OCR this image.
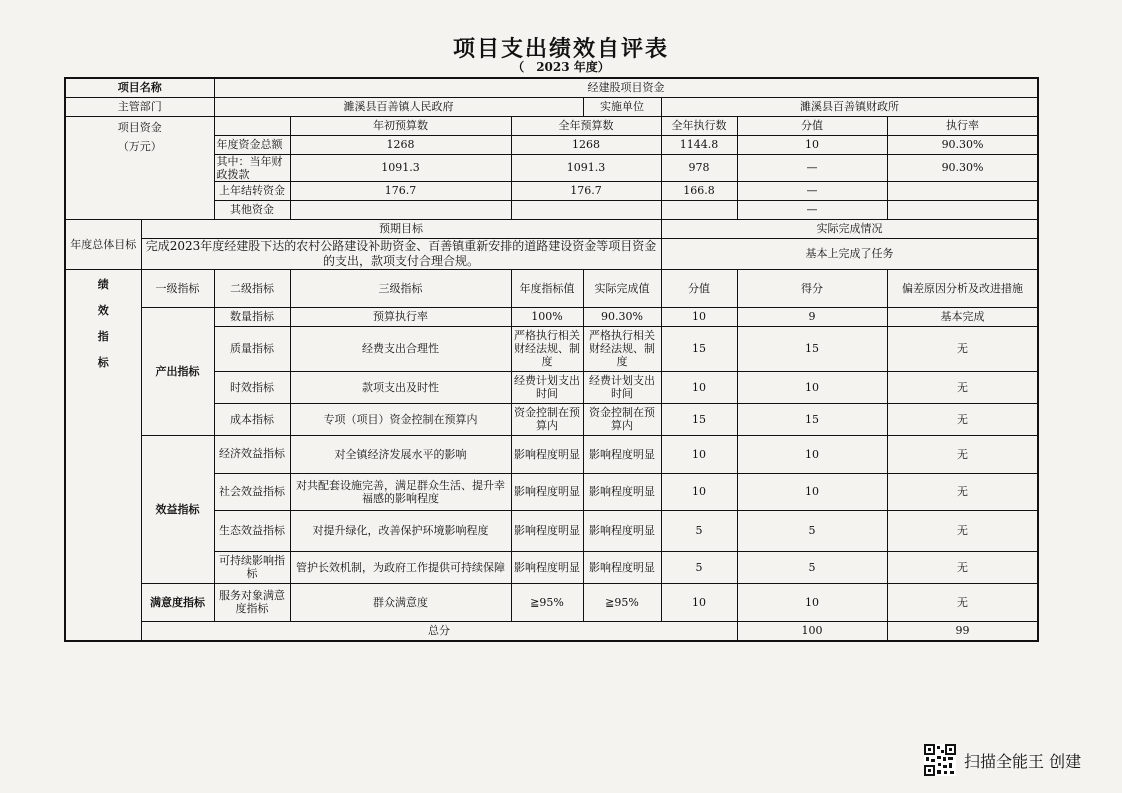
项目支出绩效自评表
（　2023 年度）
项目名称		经建股项目资金							
主管部门		濉溪县百善镇人民政府			实施单位	濉溪县百善镇财政所			

项目资金
（万元）			年初预算数	全年预算数		全年执行数	分值	执行率	
		年度资金总额	1268	1268		1144.8	10	90.30%	
		其中：当年财政拨款	1091.3	1091.3		978	—	90.30%	
		上年结转资金	176.7	176.7		166.8	—		
		其他资金					—		
年度总体目标	预期目标					实际完成情况			
	完成2023年度经建股下达的农村公路建设补助资金、百善镇重新安排的道路建设资金等项目资金的支出，款项支付合理合规。					基本上完成了任务			

绩
效
指
标	一级指标	二级指标	三级指标	年度指标值	实际完成值	分值	得分	偏差原因分析及改进措施	
	产出指标	数量指标	预算执行率	100%	90.30%	10	9	基本完成	
		质量指标	经费支出合理性	严格执行相关财经法规、制度	严格执行相关财经法规、制度	15	15	无	
		时效指标	款项支出及时性	经费计划支出时间	经费计划支出时间	10	10	无	
		成本指标	专项（项目）资金控制在预算内	资金控制在预算内	资金控制在预算内	15	15	无	
	效益指标	经济效益指标	对全镇经济发展水平的影响	影响程度明显	影响程度明显	10	10	无	
		社会效益指标	对共配套设施完善，满足群众生活、提升幸福感的影响程度	影响程度明显	影响程度明显	10	10	无	
		生态效益指标	对提升绿化，改善保护环境影响程度	影响程度明显	影响程度明显	5	5	无	
		可持续影响指标	管护长效机制，为政府工作提供可持续保障	影响程度明显	影响程度明显	5	5	无	
	满意度指标	服务对象满意度指标	群众满意度	≧95%	≧95%	10	10	无	
	总分						100	99	
扫描全能王 创建
